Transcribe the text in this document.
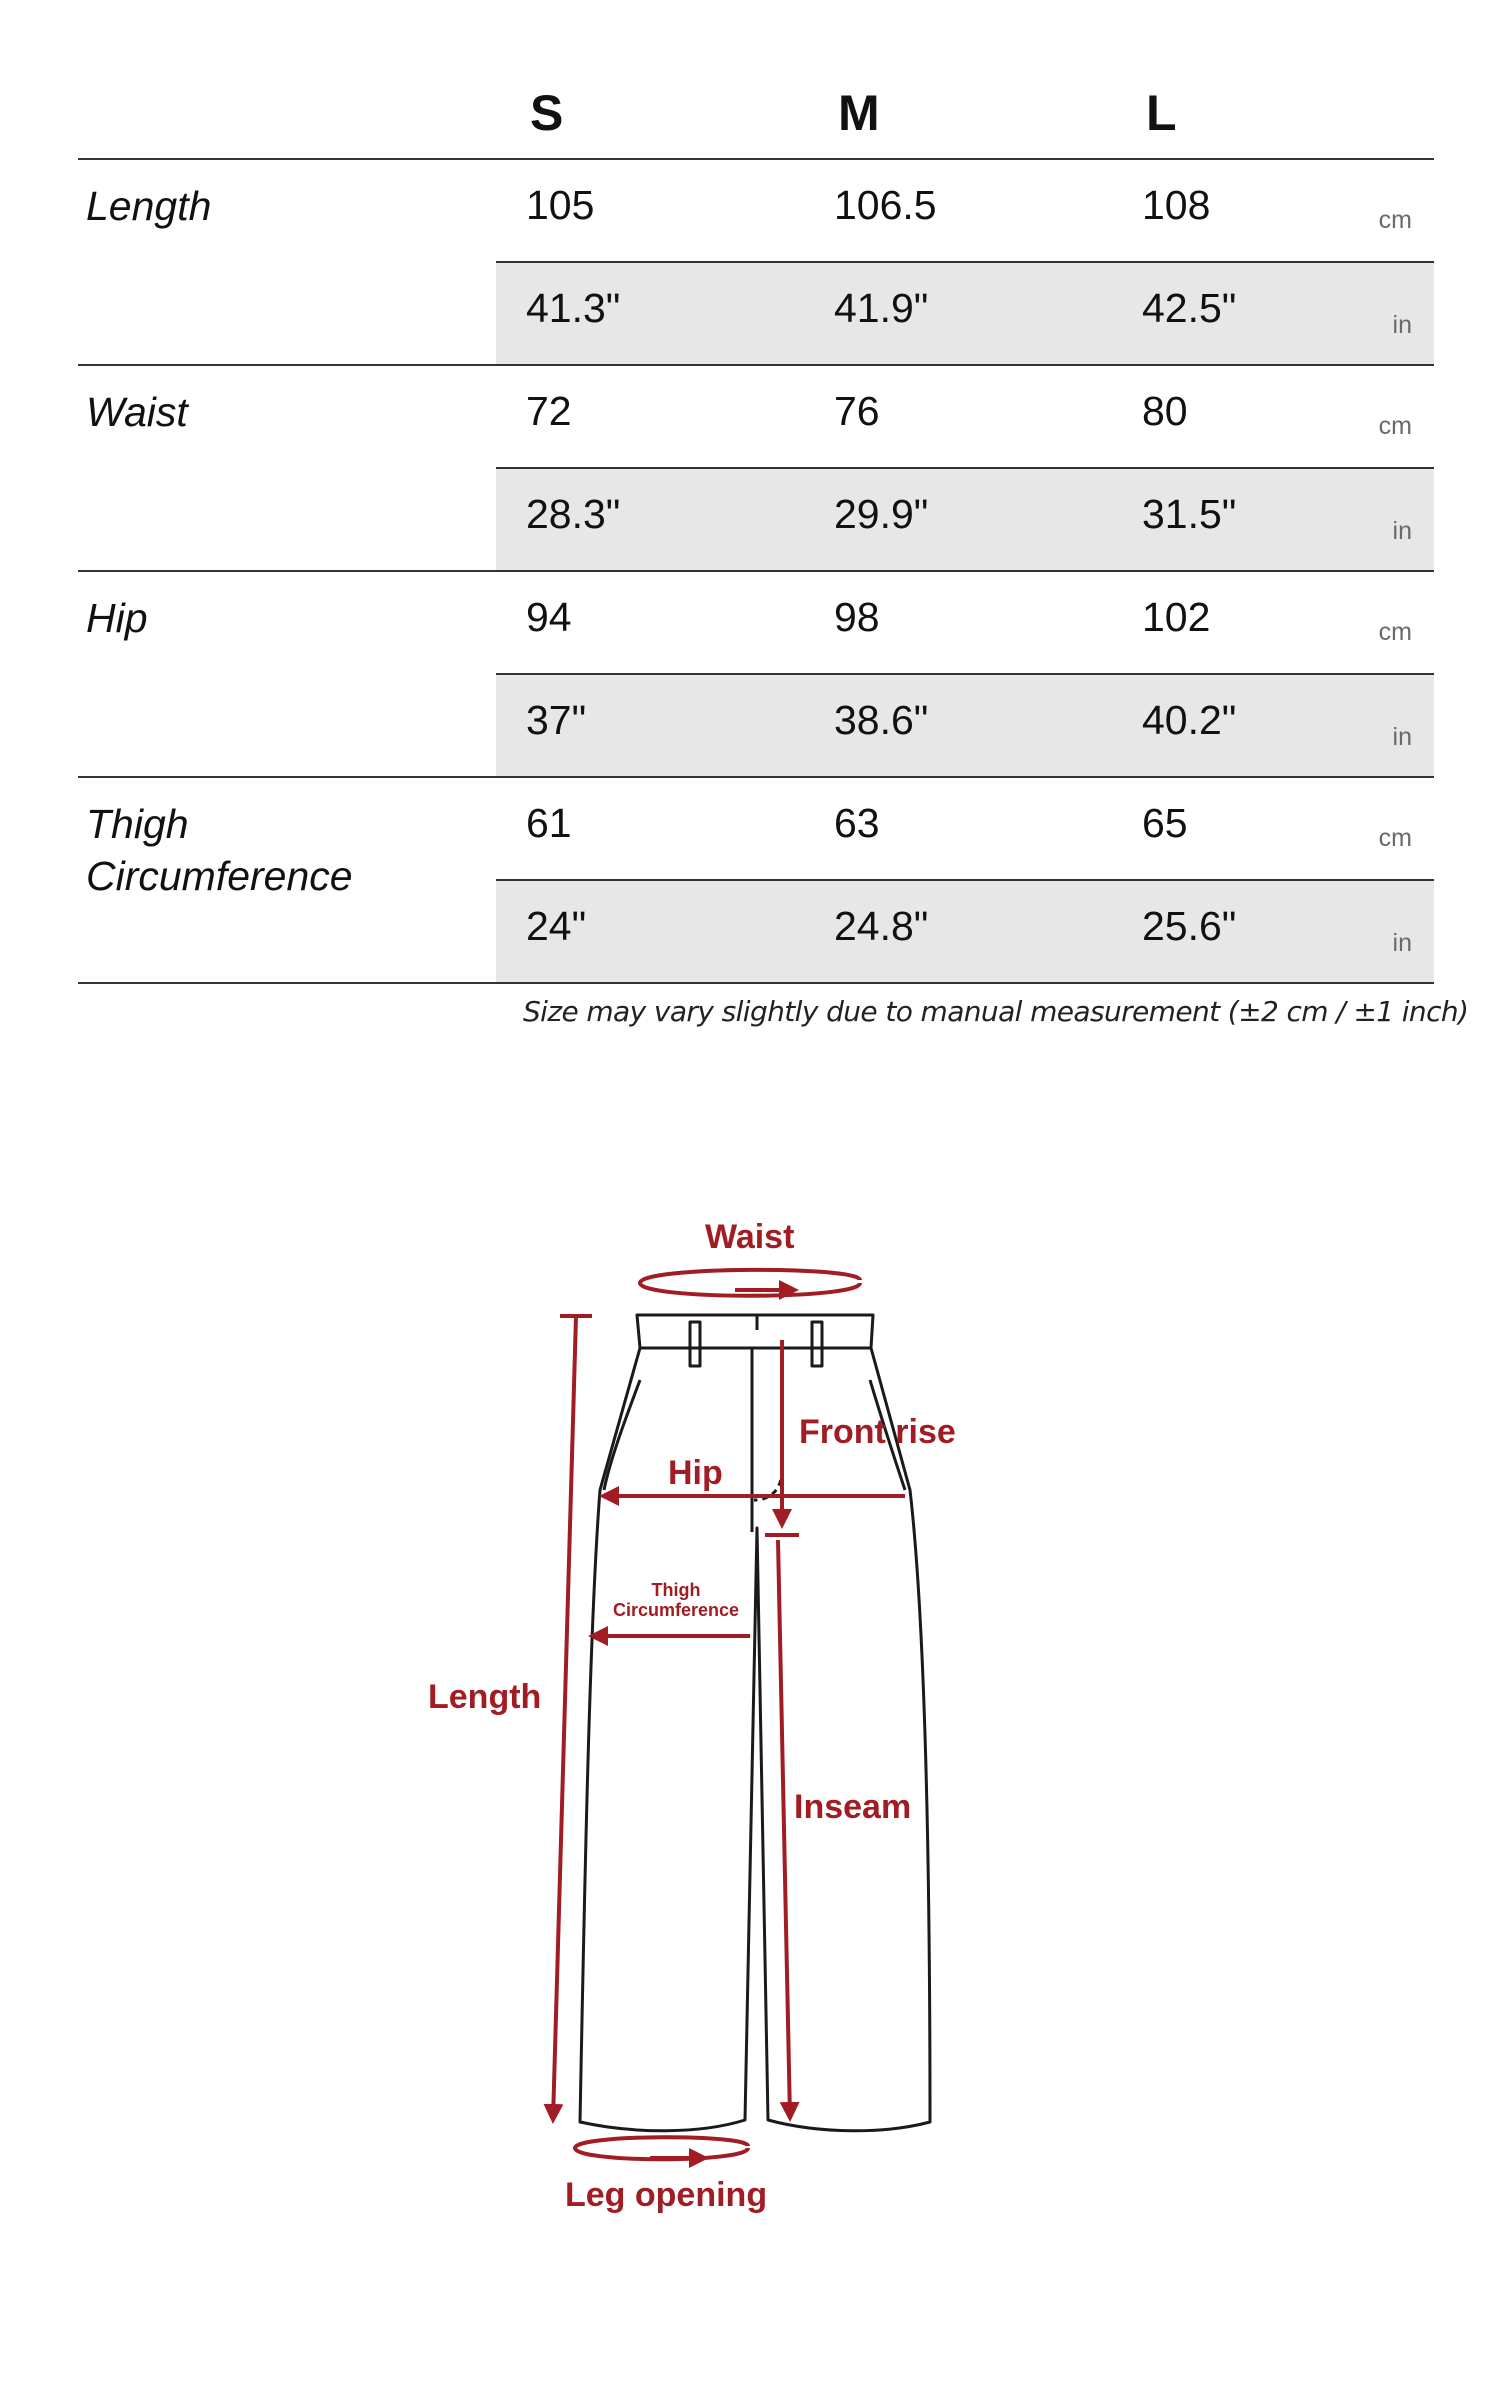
S	M	L
Length	105	106.5	108	cm
41.3"	41.9"	42.5"	in
Waist	72	76	80	cm
28.3"	29.9"	31.5"	in
Hip	94	98	102	cm
37"	38.6"	40.2"	in
Thigh Circumference
61	63	65	cm
24"	24.8"	25.6"	in
Size may vary slightly due to manual measurement (±2 cm / ±1 inch)
Waist
Front rise
Hip
Thigh
Circumference
Length
Inseam
Leg opening
